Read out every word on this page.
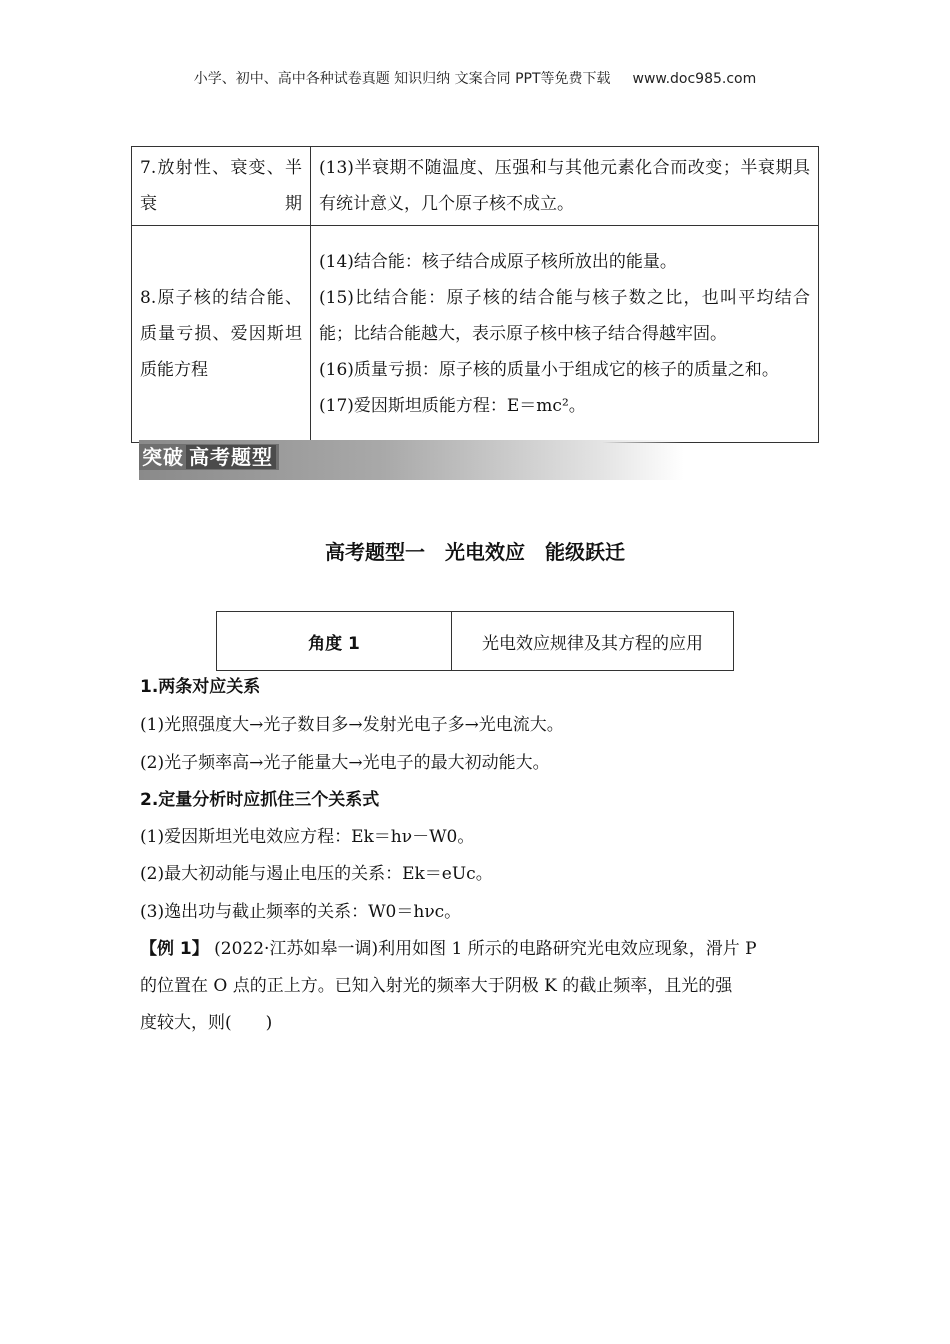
小学、初中、高中各种试卷真题 知识归纳 文案合同 PPT等免费下载 www.doc985.com
7.放射性、衰变、半衰期	(13)半衰期不随温度、压强和与其他元素化合而改变；半衰期具有统计意义，几个原子核不成立。

8.原子核的结合能、质量亏损、爱因斯坦质能方程	(14)结合能：核子结合成原子核所放出的能量。
(15)比结合能：原子核的结合能与核子数之比，也叫平均结合能；比结合能越大，表示原子核中核子结合得越牢固。
(16)质量亏损：原子核的质量小于组成它的核子的质量之和。
(17)爱因斯坦质能方程：E＝mc²。
突破 高考题型
高考题型一　光电效应　能级跃迁
角度 1	光电效应规律及其方程的应用
1.两条对应关系
(1)光照强度大→光子数目多→发射光电子多→光电流大。
(2)光子频率高→光子能量大→光电子的最大初动能大。
2.定量分析时应抓住三个关系式
(1)爱因斯坦光电效应方程：Ek＝hν－W0。
(2)最大初动能与遏止电压的关系：Ek＝eUc。
(3)逸出功与截止频率的关系：W0＝hνc。
【例 1】 (2022·江苏如皋一调)利用如图 1 所示的电路研究光电效应现象，滑片 P
的位置在 O 点的正上方。已知入射光的频率大于阴极 K 的截止频率，且光的强
度较大，则(　　)
